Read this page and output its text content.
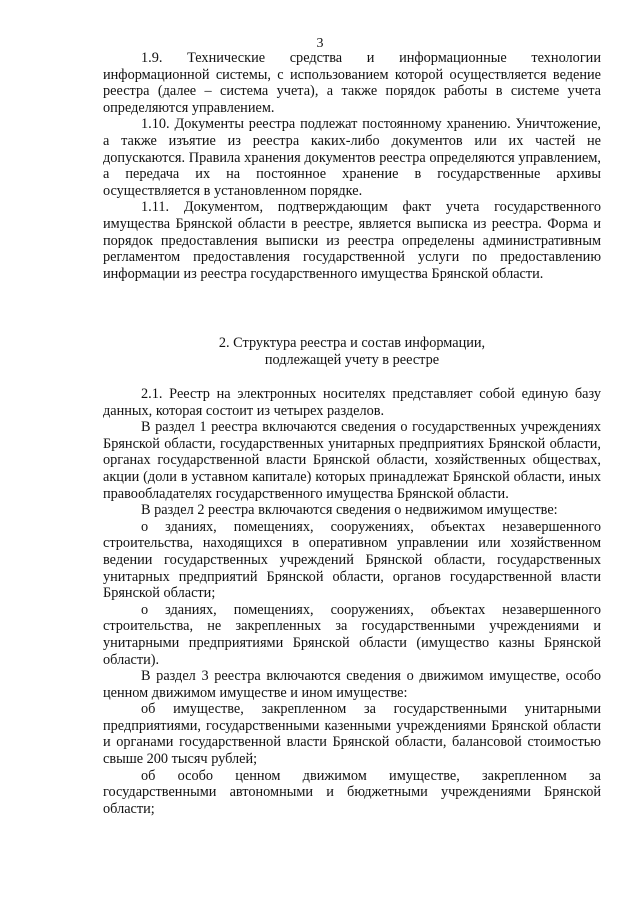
3

1.9. Технические средства и информационные технологии информационной системы, с использованием которой осуществляется ведение реестра (далее – система учета), а также порядок работы в системе учета определяются управлением.

1.10. Документы реестра подлежат постоянному хранению. Уничтожение, а также изъятие из реестра каких-либо документов или их частей не допускаются. Правила хранения документов реестра определяются управлением, а передача их на постоянное хранение в государственные архивы осуществляется в установленном порядке.

1.11. Документом, подтверждающим факт учета государственного имущества Брянской области в реестре, является выписка из реестра. Форма и порядок предоставления выписки из реестра определены административным регламентом предоставления государственной услуги по предоставлению информации из реестра государственного имущества Брянской области.

2. Структура реестра и состав информации,
подлежащей учету в реестре

2.1. Реестр на электронных носителях представляет собой единую базу данных, которая состоит из четырех разделов.

В раздел 1 реестра включаются сведения о государственных учреждениях Брянской области, государственных унитарных предприятиях Брянской области, органах государственной власти Брянской области, хозяйственных обществах, акции (доли в уставном капитале) которых принадлежат Брянской области, иных правообладателях государственного имущества Брянской области.

В раздел 2 реестра включаются сведения о недвижимом имуществе:

о зданиях, помещениях, сооружениях, объектах незавершенного строительства, находящихся в оперативном управлении или хозяйственном ведении государственных учреждений Брянской области, государственных унитарных предприятий Брянской области, органов государственной власти Брянской области;

о зданиях, помещениях, сооружениях, объектах незавершенного строительства, не закрепленных за государственными учреждениями и унитарными предприятиями Брянской области (имущество казны Брянской области).

В раздел 3 реестра включаются сведения о движимом имуществе, особо ценном движимом имуществе и ином имуществе:

об имуществе, закрепленном за государственными унитарными предприятиями, государственными казенными учреждениями Брянской области и органами государственной власти Брянской области, балансовой стоимостью свыше 200 тысяч рублей;

об особо ценном движимом имуществе, закрепленном за государственными автономными и бюджетными учреждениями Брянской области;
